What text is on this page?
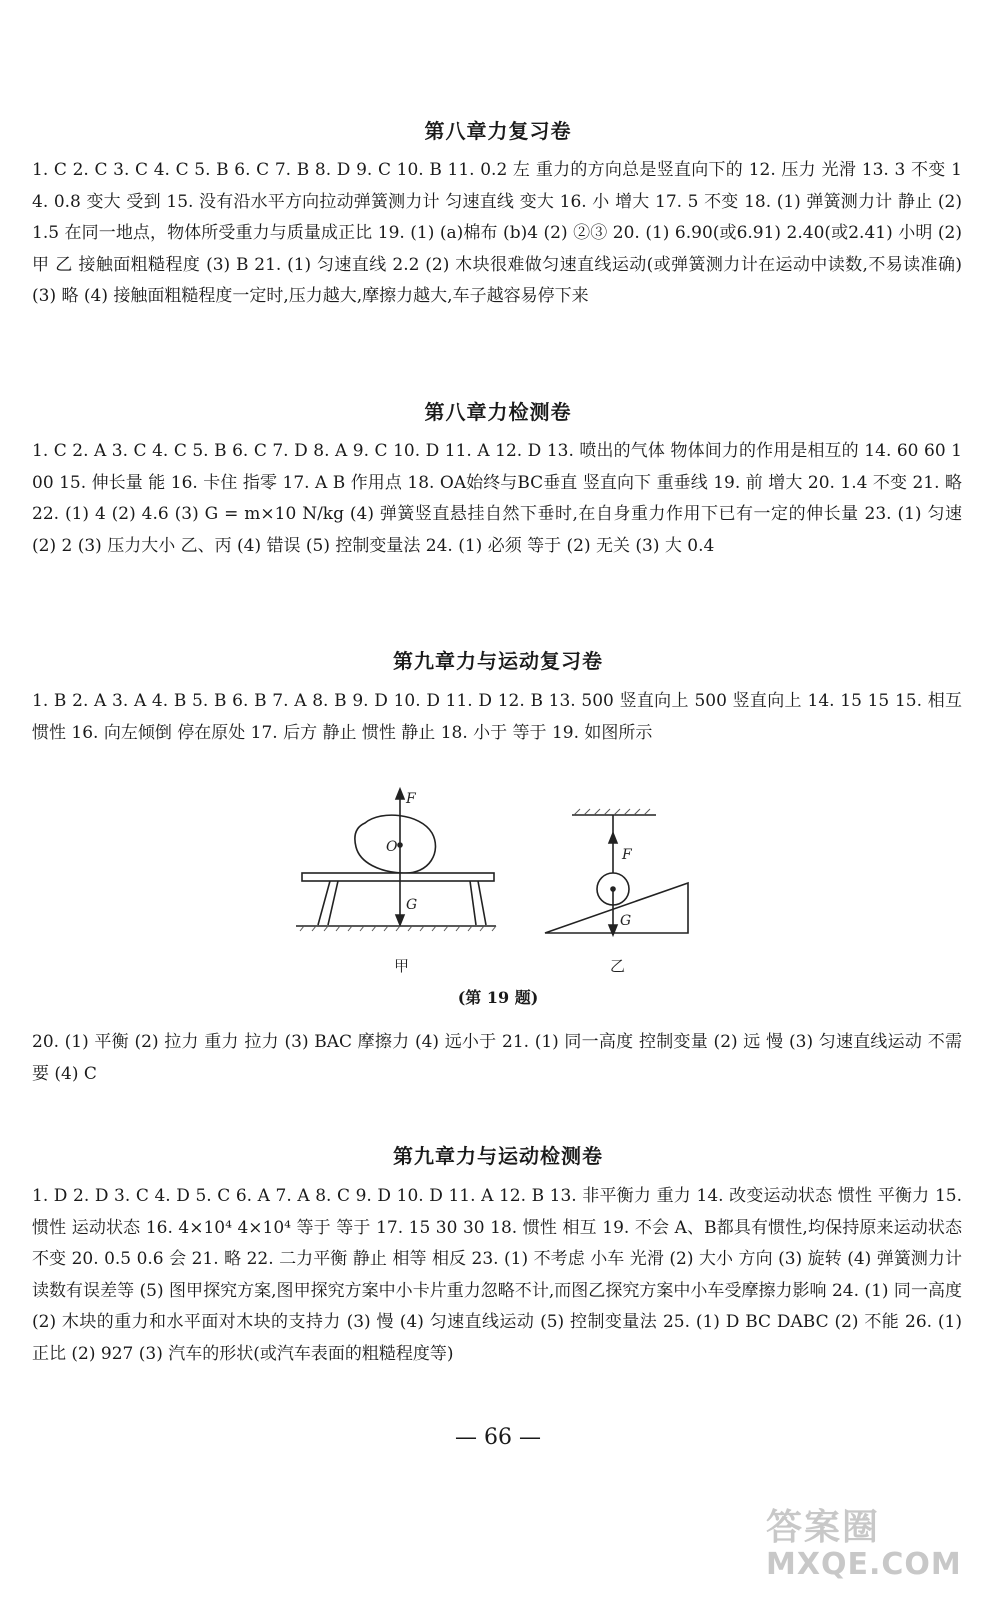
第八章力复习卷
1. C 2. C 3. C 4. C 5. B 6. C 7. B 8. D 9. C 10. B 11. 0.2 左 重力的方向总是竖直向下的 12. 压力 光滑 13. 3 不变 14. 0.8 变大 受到 15. 没有沿水平方向拉动弹簧测力计 匀速直线 变大 16. 小 增大 17. 5 不变 18. (1) 弹簧测力计 静止 (2) 1.5 在同一地点，物体所受重力与质量成正比 19. (1) (a)棉布 (b)4 (2) ②③ 20. (1) 6.90(或6.91) 2.40(或2.41) 小明 (2) 甲 乙 接触面粗糙程度 (3) B 21. (1) 匀速直线 2.2 (2) 木块很难做匀速直线运动(或弹簧测力计在运动中读数,不易读准确) (3) 略 (4) 接触面粗糙程度一定时,压力越大,摩擦力越大,车子越容易停下来
第八章力检测卷
1. C 2. A 3. C 4. C 5. B 6. C 7. D 8. A 9. C 10. D 11. A 12. D 13. 喷出的气体 物体间力的作用是相互的 14. 60 60 100 15. 伸长量 能 16. 卡住 指零 17. A B 作用点 18. OA始终与BC垂直 竖直向下 重垂线 19. 前 增大 20. 1.4 不变 21. 略 22. (1) 4 (2) 4.6 (3) G = m×10 N/kg (4) 弹簧竖直悬挂自然下垂时,在自身重力作用下已有一定的伸长量 23. (1) 匀速 (2) 2 (3) 压力大小 乙、丙 (4) 错误 (5) 控制变量法 24. (1) 必须 等于 (2) 无关 (3) 大 0.4
第九章力与运动复习卷
1. B 2. A 3. A 4. B 5. B 6. B 7. A 8. B 9. D 10. D 11. D 12. B 13. 500 竖直向上 500 竖直向上 14. 15 15 15. 相互 惯性 16. 向左倾倒 停在原处 17. 后方 静止 惯性 静止 18. 小于 等于 19. 如图所示
F
O
G
F
G
甲	乙
(第 19 题)
20. (1) 平衡 (2) 拉力 重力 拉力 (3) BAC 摩擦力 (4) 远小于 21. (1) 同一高度 控制变量 (2) 远 慢 (3) 匀速直线运动 不需要 (4) C
第九章力与运动检测卷
1. D 2. D 3. C 4. D 5. C 6. A 7. A 8. C 9. D 10. D 11. A 12. B 13. 非平衡力 重力 14. 改变运动状态 惯性 平衡力 15. 惯性 运动状态 16. 4×10⁴ 4×10⁴ 等于 等于 17. 15 30 30 18. 惯性 相互 19. 不会 A、B都具有惯性,均保持原来运动状态不变 20. 0.5 0.6 会 21. 略 22. 二力平衡 静止 相等 相反 23. (1) 不考虑 小车 光滑 (2) 大小 方向 (3) 旋转 (4) 弹簧测力计读数有误差等 (5) 图甲探究方案,图甲探究方案中小卡片重力忽略不计,而图乙探究方案中小车受摩擦力影响 24. (1) 同一高度 (2) 木块的重力和水平面对木块的支持力 (3) 慢 (4) 匀速直线运动 (5) 控制变量法 25. (1) D BC DABC (2) 不能 26. (1) 正比 (2) 927 (3) 汽车的形状(或汽车表面的粗糙程度等)
— 66 —
答案圈
MXQE.COM
